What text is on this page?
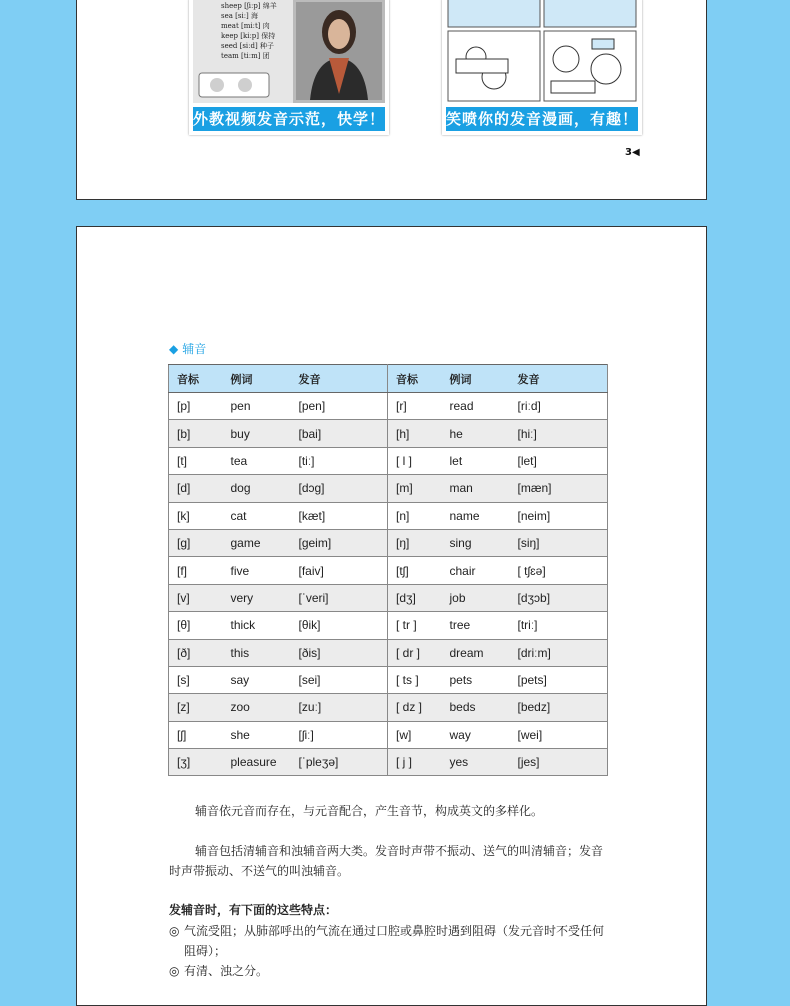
sheep [ʃiːp] 绵羊
sea [siː] 海
meat [miːt] 肉
keep [kiːp] 保持
seed [siːd] 种子
team [tiːm] 团
外教视频发音示范，快学！	笑喷你的发音漫画，有趣！
3◀
◆ 辅音
音标	例词	发音	音标	例词	发音
[p]	pen	[pen]	[r]	read	[riːd]
[b]	buy	[bai]	[h]	he	[hiː]
[t]	tea	[tiː]	[ l ]	let	[let]
[d]	dog	[dɔg]	[m]	man	[mæn]
[k]	cat	[kæt]	[n]	name	[neim]
[g]	game	[geim]	[ŋ]	sing	[siŋ]
[f]	five	[faiv]	[tʃ]	chair	[ tʃɛə]
[v]	very	[ˈveri]	[dʒ]	job	[dʒɔb]
[θ]	thick	[θik]	[ tr ]	tree	[triː]
[ð]	this	[ðis]	[ dr ]	dream	[driːm]
[s]	say	[sei]	[ ts ]	pets	[pets]
[z]	zoo	[zuː]	[ dz ]	beds	[bedz]
[ʃ]	she	[ʃiː]	[w]	way	[wei]
[ʒ]	pleasure	[ˈpleʒə]	[ j ]	yes	[jes]
辅音依元音而存在，与元音配合，产生音节，构成英文的多样化。
辅音包括清辅音和浊辅音两大类。发音时声带不振动、送气的叫清辅音；发音时声带振动、不送气的叫浊辅音。
发辅音时，有下面的这些特点：
◎ 气流受阻；从肺部呼出的气流在通过口腔或鼻腔时遇到阻碍（发元音时不受任何阻碍）；
◎ 有清、浊之分。
